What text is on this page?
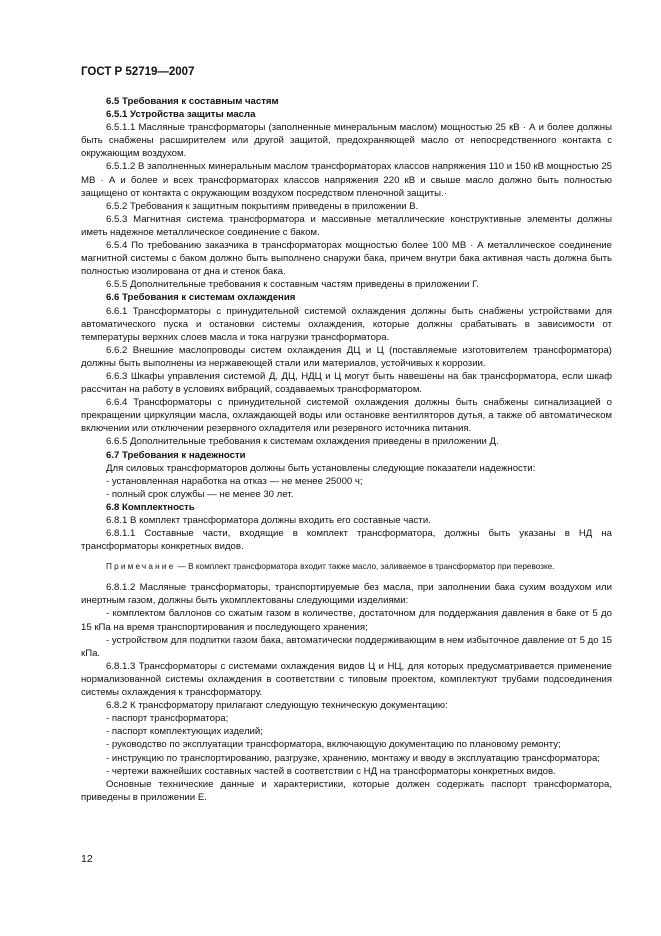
ГОСТ Р 52719—2007

6.5 Требования к составным частям

6.5.1 Устройства защиты масла

6.5.1.1 Масляные трансформаторы (заполненные минеральным маслом) мощностью 25 кВ · А и более должны быть снабжены расширителем или другой защитой, предохраняющей масло от непосредственного контакта с окружающим воздухом.

6.5.1.2 В заполненных минеральным маслом трансформаторах классов напряжения 110 и 150 кВ мощностью 25 МВ · А и более и всех трансформаторах классов напряжения 220 кВ и свыше масло должно быть полностью защищено от контакта с окружающим воздухом посредством пленочной защиты.·

6.5.2 Требования к защитным покрытиям приведены в приложении В.

6.5.3 Магнитная система трансформатора и массивные металлические конструктивные элементы должны иметь надежное металлическое соединение с баком.

6.5.4 По требованию заказчика в трансформаторах мощностью более 100 МВ · А металлическое соединение магнитной системы с баком должно быть выполнено снаружи бака, причем внутри бака активная часть должна быть полностью изолирована от дна и стенок бака.

6.5.5 Дополнительные требования к составным частям приведены в приложении Г.

6.6 Требования к системам охлаждения

6.6.1 Трансформаторы с принудительной системой охлаждения должны быть снабжены устройствами для автоматического пуска и остановки системы охлаждения, которые должны срабатывать в зависимости от температуры верхних слоев масла и тока нагрузки трансформатора.

6.6.2 Внешние маслопроводы систем охлаждения ДЦ и Ц (поставляемые изготовителем трансформатора) должны быть выполнены из нержавеющей стали или материалов, устойчивых к коррозии.

6.6.3 Шкафы управления системой Д, ДЦ, НДЦ и Ц могут быть навешены на бак трансформатора, если шкаф рассчитан на работу в условиях вибраций, создаваемых трансформатором.

6.6.4 Трансформаторы с принудительной системой охлаждения должны быть снабжены сигнализацией о прекращении циркуляции масла, охлаждающей воды или остановке вентиляторов дутья, а также об автоматическом включении или отключении резервного охладителя или резервного источника питания.

6.6.5 Дополнительные требования к системам охлаждения приведены в приложении Д.

6.7 Требования к надежности

Для силовых трансформаторов должны быть установлены следующие показатели надежности:

- установленная наработка на отказ — не менее 25000 ч;

- полный срок службы — не менее 30 лет.

6.8 Комплектность

6.8.1 В комплект трансформатора должны входить его составные части.

6.8.1.1 Составные части, входящие в комплект трансформатора, должны быть указаны в НД на трансформаторы конкретных видов.

Примечание — В комплект трансформатора входит также масло, заливаемое в трансформатор при перевозке.

6.8.1.2 Масляные трансформаторы, транспортируемые без масла, при заполнении бака сухим воздухом или инертным газом, должны быть укомплектованы следующими изделиями:

- комплектом баллонов со сжатым газом в количестве, достаточном для поддержания давления в баке от 5 до 15 кПа на время транспортирования и последующего хранения;

- устройством для подпитки газом бака, автоматически поддерживающим в нем избыточное давление от 5 до 15 кПа.

6.8.1.3 Трансформаторы с системами охлаждения видов Ц и НЦ, для которых предусматривается применение нормализованной системы охлаждения в соответствии с типовым проектом, комплектуют трубами подсоединения системы охлаждения к трансформатору.

6.8.2 К трансформатору прилагают следующую техническую документацию:

- паспорт трансформатора;

- паспорт комплектующих изделий;

- руководство по эксплуатации трансформатора, включающую документацию по плановому ремонту;

- инструкцию по транспортированию, разгрузке, хранению, монтажу и вводу в эксплуатацию трансформатора;

- чертежи важнейших составных частей в соответствии с НД на трансформаторы конкретных видов.

Основные технические данные и характеристики, которые должен содержать паспорт трансформатора, приведены в приложении Е.

12
